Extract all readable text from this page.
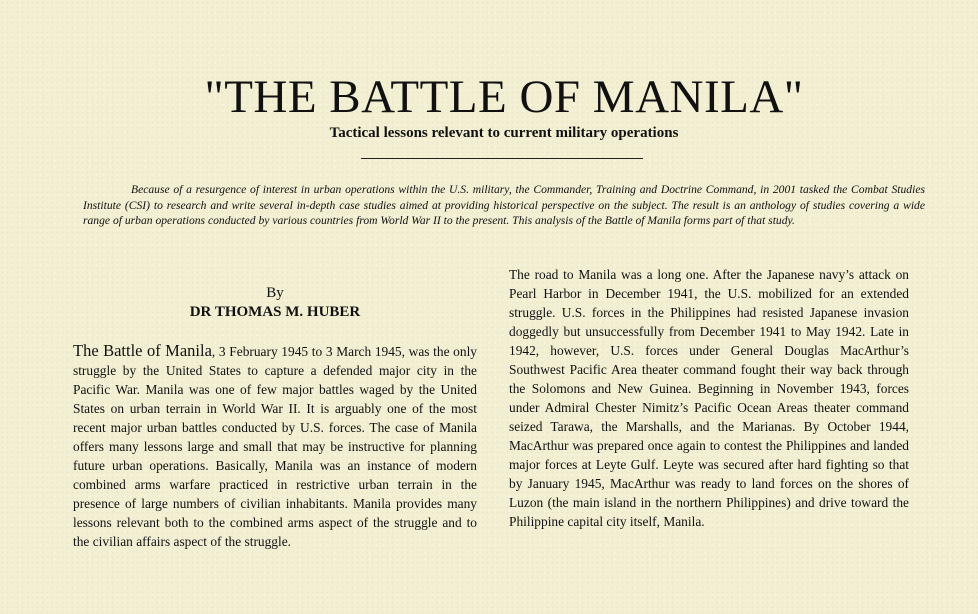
"THE BATTLE OF MANILA"
Tactical lessons relevant to current military operations

Because of a resurgence of interest in urban operations within the U.S. military, the Commander, Training and Doctrine Command, in 2001 tasked the Combat Studies Institute (CSI) to research and write several in-depth case studies aimed at providing historical perspective on the subject. The result is an anthology of studies covering a wide range of urban operations conducted by various countries from World War II to the present. This analysis of the Battle of Manila forms part of that study.

By
DR THOMAS M. HUBER

The Battle of Manila, 3 February 1945 to 3 March 1945, was the only struggle by the United States to capture a defended major city in the Pacific War. Manila was one of few major battles waged by the United States on urban terrain in World War II. It is arguably one of the most recent major urban battles conducted by U.S. forces. The case of Manila offers many lessons large and small that may be instructive for planning future urban operations. Basically, Manila was an instance of modern combined arms warfare practiced in restrictive urban terrain in the presence of large numbers of civilian inhabitants. Manila provides many lessons relevant both to the combined arms aspect of the struggle and to the civilian affairs aspect of the struggle.

The road to Manila was a long one. After the Japanese navy’s attack on Pearl Harbor in December 1941, the U.S. mobilized for an extended struggle. U.S. forces in the Philippines had resisted Japanese invasion doggedly but unsuccessfully from December 1941 to May 1942. Late in 1942, however, U.S. forces under General Douglas MacArthur’s Southwest Pacific Area theater command fought their way back through the Solomons and New Guinea. Beginning in November 1943, forces under Admiral Chester Nimitz’s Pacific Ocean Areas theater command seized Tarawa, the Marshalls, and the Marianas. By October 1944, MacArthur was prepared once again to contest the Philippines and landed major forces at Leyte Gulf. Leyte was secured after hard fighting so that by January 1945, MacArthur was ready to land forces on the shores of Luzon (the main island in the northern Philippines) and drive toward the Philippine capital city itself, Manila.
